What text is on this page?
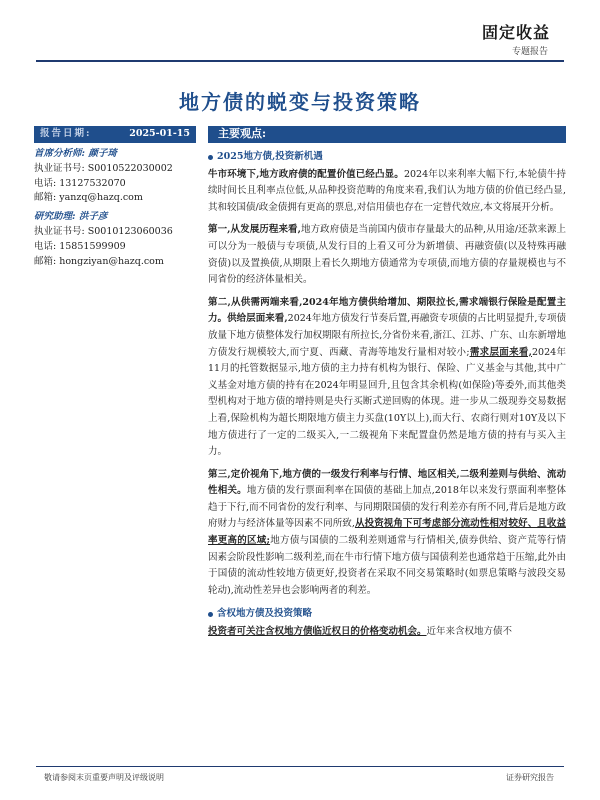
固定收益
专题报告
地方债的蜕变与投资策略
报告日期:	2025-01-15
首席分析师: 颜子琦
执业证书号: S0010522030002
电话: 13127532070
邮箱: yanzq@hazq.com
研究助理: 洪子彦
执业证书号: S0010123060036
电话: 15851599909
邮箱: hongziyan@hazq.com
主要观点:
2025地方债,投资新机遇

牛市环境下,地方政府债的配置价值已经凸显。2024年以来利率大幅下行,本轮债牛持续时间长且利率点位低,从品种投资范畴的角度来看,我们认为地方债的价值已经凸显,其和较国债/政金债拥有更高的票息,对信用债也存在一定替代效应,本文将展开分析。

第一,从发展历程来看,地方政府债是当前国内债市存量最大的品种,从用途/还款来源上可以分为一般债与专项债,从发行目的上看又可分为新增债、再融资债(以及特殊再融资债)以及置换债,从期限上看长久期地方债通常为专项债,而地方债的存量规模也与不同省份的经济体量相关。

第二,从供需两端来看,2024年地方债供给增加、期限拉长,需求端银行保险是配置主力。供给层面来看,2024年地方债发行节奏后置,再融资专项债的占比明显提升,专项债放量下地方债整体发行加权期限有所拉长,分省份来看,浙江、江苏、广东、山东新增地方债发行规模较大,而宁夏、西藏、青海等地发行量相对较小;需求层面来看,2024年11月的托管数据显示,地方债的主力持有机构为银行、保险、广义基金与其他,其中广义基金对地方债的持有在2024年明显回升,且包含其余机构(如保险)等委外,而其他类型机构对于地方债的增持则是央行买断式逆回购的体现。进一步从二级现券交易数据上看,保险机构为超长期限地方债主力买盘(10Y以上),而大行、农商行则对10Y及以下地方债进行了一定的二级买入,一二级视角下来配置盘仍然是地方债的持有与买入主力。

第三,定价视角下,地方债的一级发行利率与行情、地区相关,二级利差则与供给、流动性相关。地方债的发行票面利率在国债的基础上加点,2018年以来发行票面利率整体趋于下行,而不同省份的发行利率、与同期限国债的发行利差亦有所不同,背后是地方政府财力与经济体量等因素不同所致,从投资视角下可考虑部分流动性相对较好、且收益率更高的区域;地方债与国债的二级利差则通常与行情相关,债券供给、资产荒等行情因素会阶段性影响二级利差,而在牛市行情下地方债与国债利差也通常趋于压缩,此外由于国债的流动性较地方债更好,投资者在采取不同交易策略时(如票息策略与波段交易轮动),流动性差异也会影响两者的利差。

含权地方债及投资策略

投资者可关注含权地方债临近权日的价格变动机会。近年来含权地方债不

敬请参阅末页重要声明及评级说明	证券研究报告
